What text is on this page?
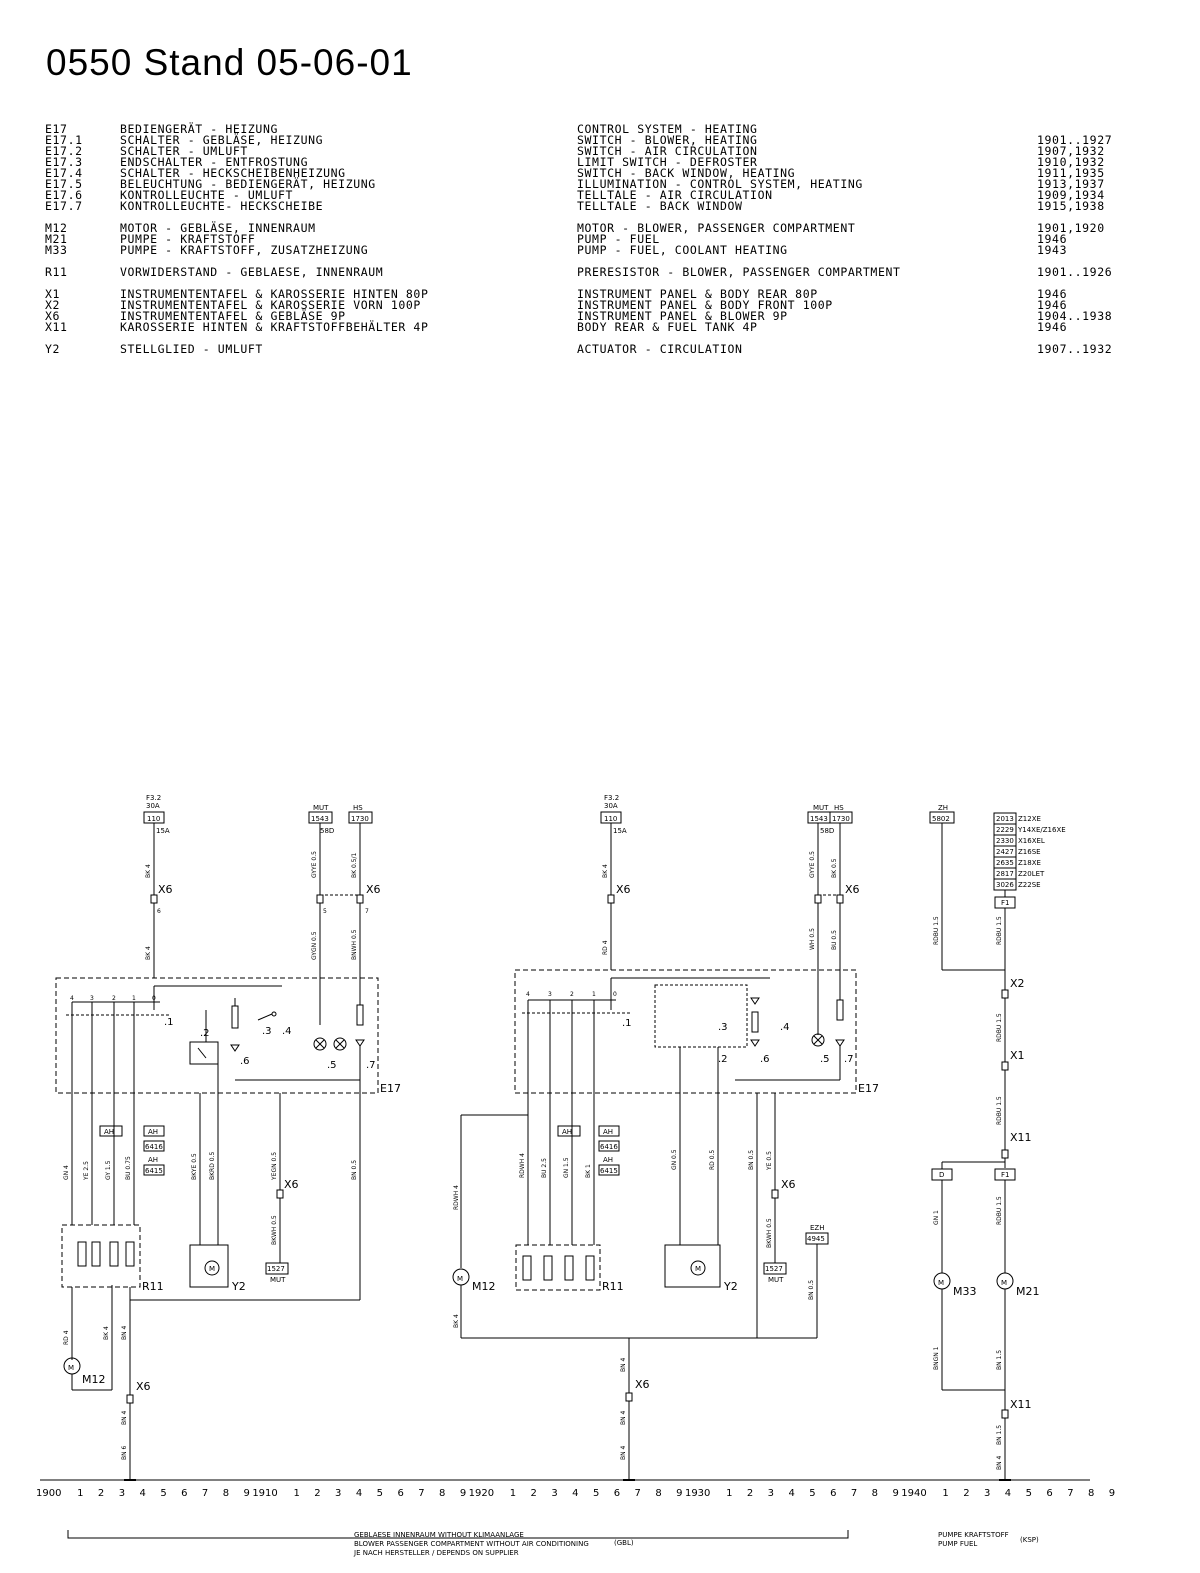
0550 Stand 05-06-01
E17	BEDIENGERÄT - HEIZUNG	CONTROL SYSTEM - HEATING
E17.1	SCHALTER - GEBLÄSE, HEIZUNG	SWITCH - BLOWER, HEATING	1901..1927
E17.2	SCHALTER - UMLUFT	SWITCH - AIR CIRCULATION	1907,1932
E17.3	ENDSCHALTER - ENTFROSTUNG	LIMIT SWITCH - DEFROSTER	1910,1932
E17.4	SCHALTER - HECKSCHEIBENHEIZUNG	SWITCH - BACK WINDOW, HEATING	1911,1935
E17.5	BELEUCHTUNG - BEDIENGERÄT, HEIZUNG	ILLUMINATION - CONTROL SYSTEM, HEATING	1913,1937
E17.6	KONTROLLEUCHTE - UMLUFT	TELLTALE - AIR CIRCULATION	1909,1934
E17.7	KONTROLLEUCHTE- HECKSCHEIBE	TELLTALE - BACK WINDOW	1915,1938
M12	MOTOR - GEBLÄSE, INNENRAUM	MOTOR - BLOWER, PASSENGER COMPARTMENT	1901,1920
M21	PUMPE - KRAFTSTOFF	PUMP - FUEL	1946
M33	PUMPE - KRAFTSTOFF, ZUSATZHEIZUNG	PUMP - FUEL, COOLANT HEATING	1943
R11	VORWIDERSTAND - GEBLAESE, INNENRAUM	PRERESISTOR - BLOWER, PASSENGER COMPARTMENT	1901..1926
X1	INSTRUMENTENTAFEL & KAROSSERIE HINTEN 80P	INSTRUMENT PANEL & BODY REAR 80P	1946
X2	INSTRUMENTENTAFEL & KAROSSERIE VORN 100P	INSTRUMENT PANEL & BODY FRONT 100P	1946
X6	INSTRUMENTENTAFEL & GEBLÄSE 9P	INSTRUMENT PANEL & BLOWER 9P	1904..1938
X11	KAROSSERIE HINTEN & KRAFTSTOFFBEHÄLTER 4P	BODY REAR & FUEL TANK 4P	1946
Y2	STELLGLIED - UMLUFT	ACTUATOR - CIRCULATION	1907..1932
F3.2
30A
110
15A
MUT	HS
1543	1730
58D
X6	X6
6	5	7
E17
.1
.2
.6
.3 .4
.5	.7
AH	AH
6416
AH
6415
X6
1527
MUT
R11
M
Y2
M
M12
X6
F3.2
30A
110
15A
MUT HS
1543 1730
58D
X6	X6
E17
.1	.3
.2	.6
.4
.5 .7
AH	AH
6416
AH
6415
X6
1527
MUT
EZH
4945
R11
M
Y2
M
M12
X6
ZH
5802	2013 Z12XE
2229 Y14XE/Z16XE
2330 X16XEL
2427 Z16SE
2635 Z18XE
2817 Z20LET
3026 Z22SE
F1
X2
X1
X11
D	F1
M
M33
M
M21
X11
BK 4	GYYE 0.5	BK 0.5/1
GYGN 0.5	BNWH 0.5
BK 4
GN 4 YE 2.5	GY 1.5 BU 0.75	BKYE 0.5 BKRD 0.5	YEGN 0.5
BKWH 0.5
BN 0.5
RD 4	BK 4 BN 4
BN 4
BN 6
BK 4
RD 4
GYYE 0.5	BK 0.5
WH 0.5	BU 0.5
RDWH 4
RDWH 4	BU 2.5	GN 1.5	BK 1
GN 0.5	RD 0.5	BN 0.5 YE 0.5
BKWH 0.5
BN 0.5
BK 4
BN 4
BN 4
BN 4
RDBU 1.5	RDBU 1.5
RDBU 1.5
RDBU 1.5
GN 1	RDBU 1.5
BNGN 1	BN 1.5
BN 1.5
BN 4
4	3	2	1	0
4	3	2	1	0
1900 1 2 3 4 5 6 7 8 9 1910 1 2 3 4 5 6 7 8 9 1920 1 2 3 4 5 6 7 8 9 1930 1 2 3 4 5 6 7 8 9 1940 1 2 3 4 5 6 7 8 9
GEBLAESE INNENRAUM WITHOUT KLIMAANLAGE
BLOWER PASSENGER COMPARTMENT WITHOUT AIR CONDITIONING
JE NACH HERSTELLER / DEPENDS ON SUPPLIER
(GBL)
PUMPE KRAFTSTOFF
PUMP FUEL	(KSP)
